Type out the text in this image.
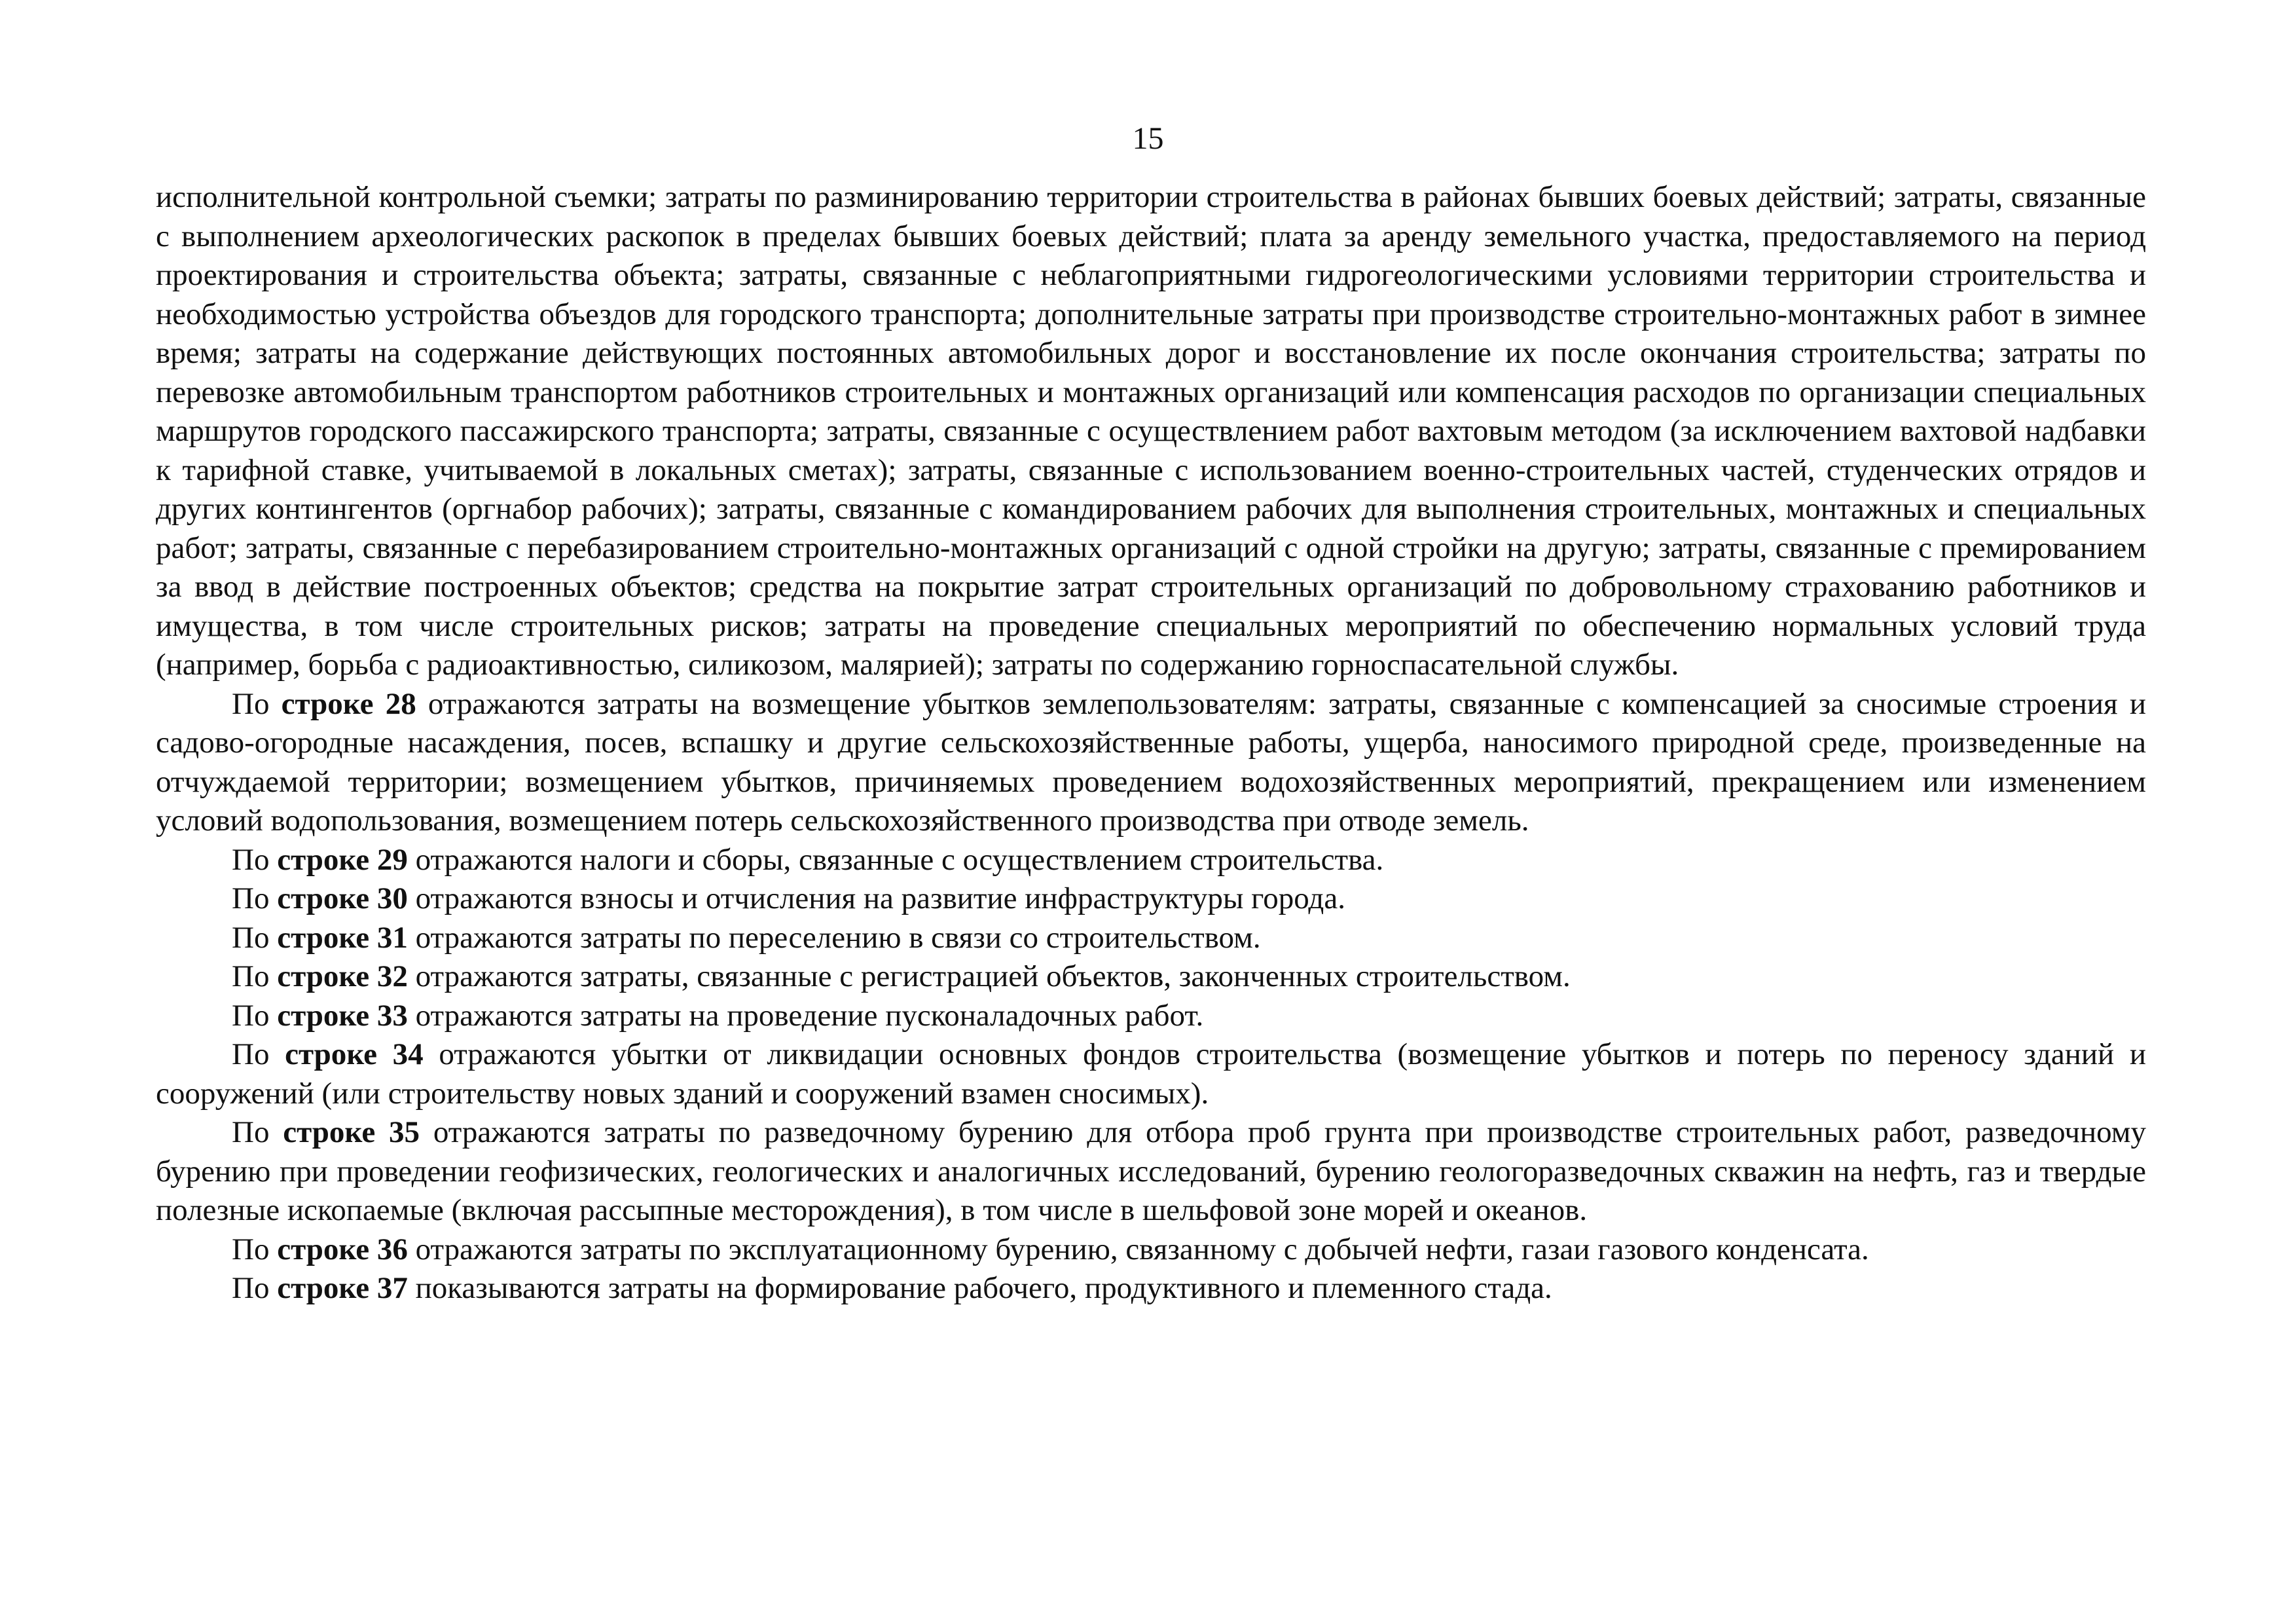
15

исполнительной контрольной съемки; затраты по разминированию территории строительства в районах бывших боевых действий; затраты, связанные с выполнением археологических раскопок в пределах бывших боевых действий; плата за аренду земельного участка, предоставляемого на период проектирования и строительства объекта; затраты, связанные с неблагоприятными гидрогеологическими условиями территории строительства и необходимостью устройства объездов для городского транспорта; дополнительные затраты при производстве строительно-монтажных работ в зимнее время; затраты на содержание действующих постоянных автомобильных дорог и восстановление их после окончания строительства; затраты по перевозке автомобильным транспортом работников строительных и монтажных организаций или компенсация расходов по организации специальных маршрутов городского пассажирского транспорта; затраты, связанные с осуществлением работ вахтовым методом (за исключением вахтовой надбавки к тарифной ставке, учитываемой в локальных сметах); затраты, связанные с использованием военно-строительных частей, студенческих отрядов и других контингентов (оргнабор рабочих); затраты, связанные с командированием рабочих для выполнения строительных, монтажных и специальных работ; затраты, связанные с перебазированием строительно-монтажных организаций с одной стройки на другую; затраты, связанные с премированием за ввод в действие построенных объектов; средства на покрытие затрат строительных организаций по добровольному страхованию работников и имущества, в том числе строительных рисков; затраты на проведение специальных мероприятий по обеспечению нормальных условий труда (например, борьба с радиоактивностью, силикозом, малярией); затраты по содержанию горноспасательной службы.

По строке 28 отражаются затраты на возмещение убытков землепользователям: затраты, связанные с компенсацией за сносимые строения и садово-огородные насаждения, посев, вспашку и другие сельскохозяйственные работы, ущерба, наносимого природной среде, произведенные на отчуждаемой территории; возмещением убытков, причиняемых проведением водохозяйственных мероприятий, прекращением или изменением условий водопользования, возмещением потерь сельскохозяйственного производства при отводе земель.

По строке 29 отражаются налоги и сборы, связанные с осуществлением строительства.

По строке 30 отражаются взносы и отчисления на развитие инфраструктуры города.

По строке 31 отражаются затраты по переселению в связи со строительством.

По строке 32 отражаются затраты, связанные с регистрацией объектов, законченных строительством.

По строке 33 отражаются затраты на проведение пусконаладочных работ.

По строке 34 отражаются убытки от ликвидации основных фондов строительства (возмещение убытков и потерь по переносу зданий и сооружений (или строительству новых зданий и сооружений взамен сносимых).

По строке 35 отражаются затраты по разведочному бурению для отбора проб грунта при производстве строительных работ, разведочному бурению при проведении геофизических, геологических и аналогичных исследований, бурению геологоразведочных скважин на нефть, газ и твердые полезные ископаемые (включая рассыпные месторождения), в том числе в шельфовой зоне морей и океанов.

По строке 36 отражаются затраты по эксплуатационному бурению, связанному с добычей нефти, газаи газового конденсата.

По строке 37 показываются затраты на формирование рабочего, продуктивного и племенного стада.
